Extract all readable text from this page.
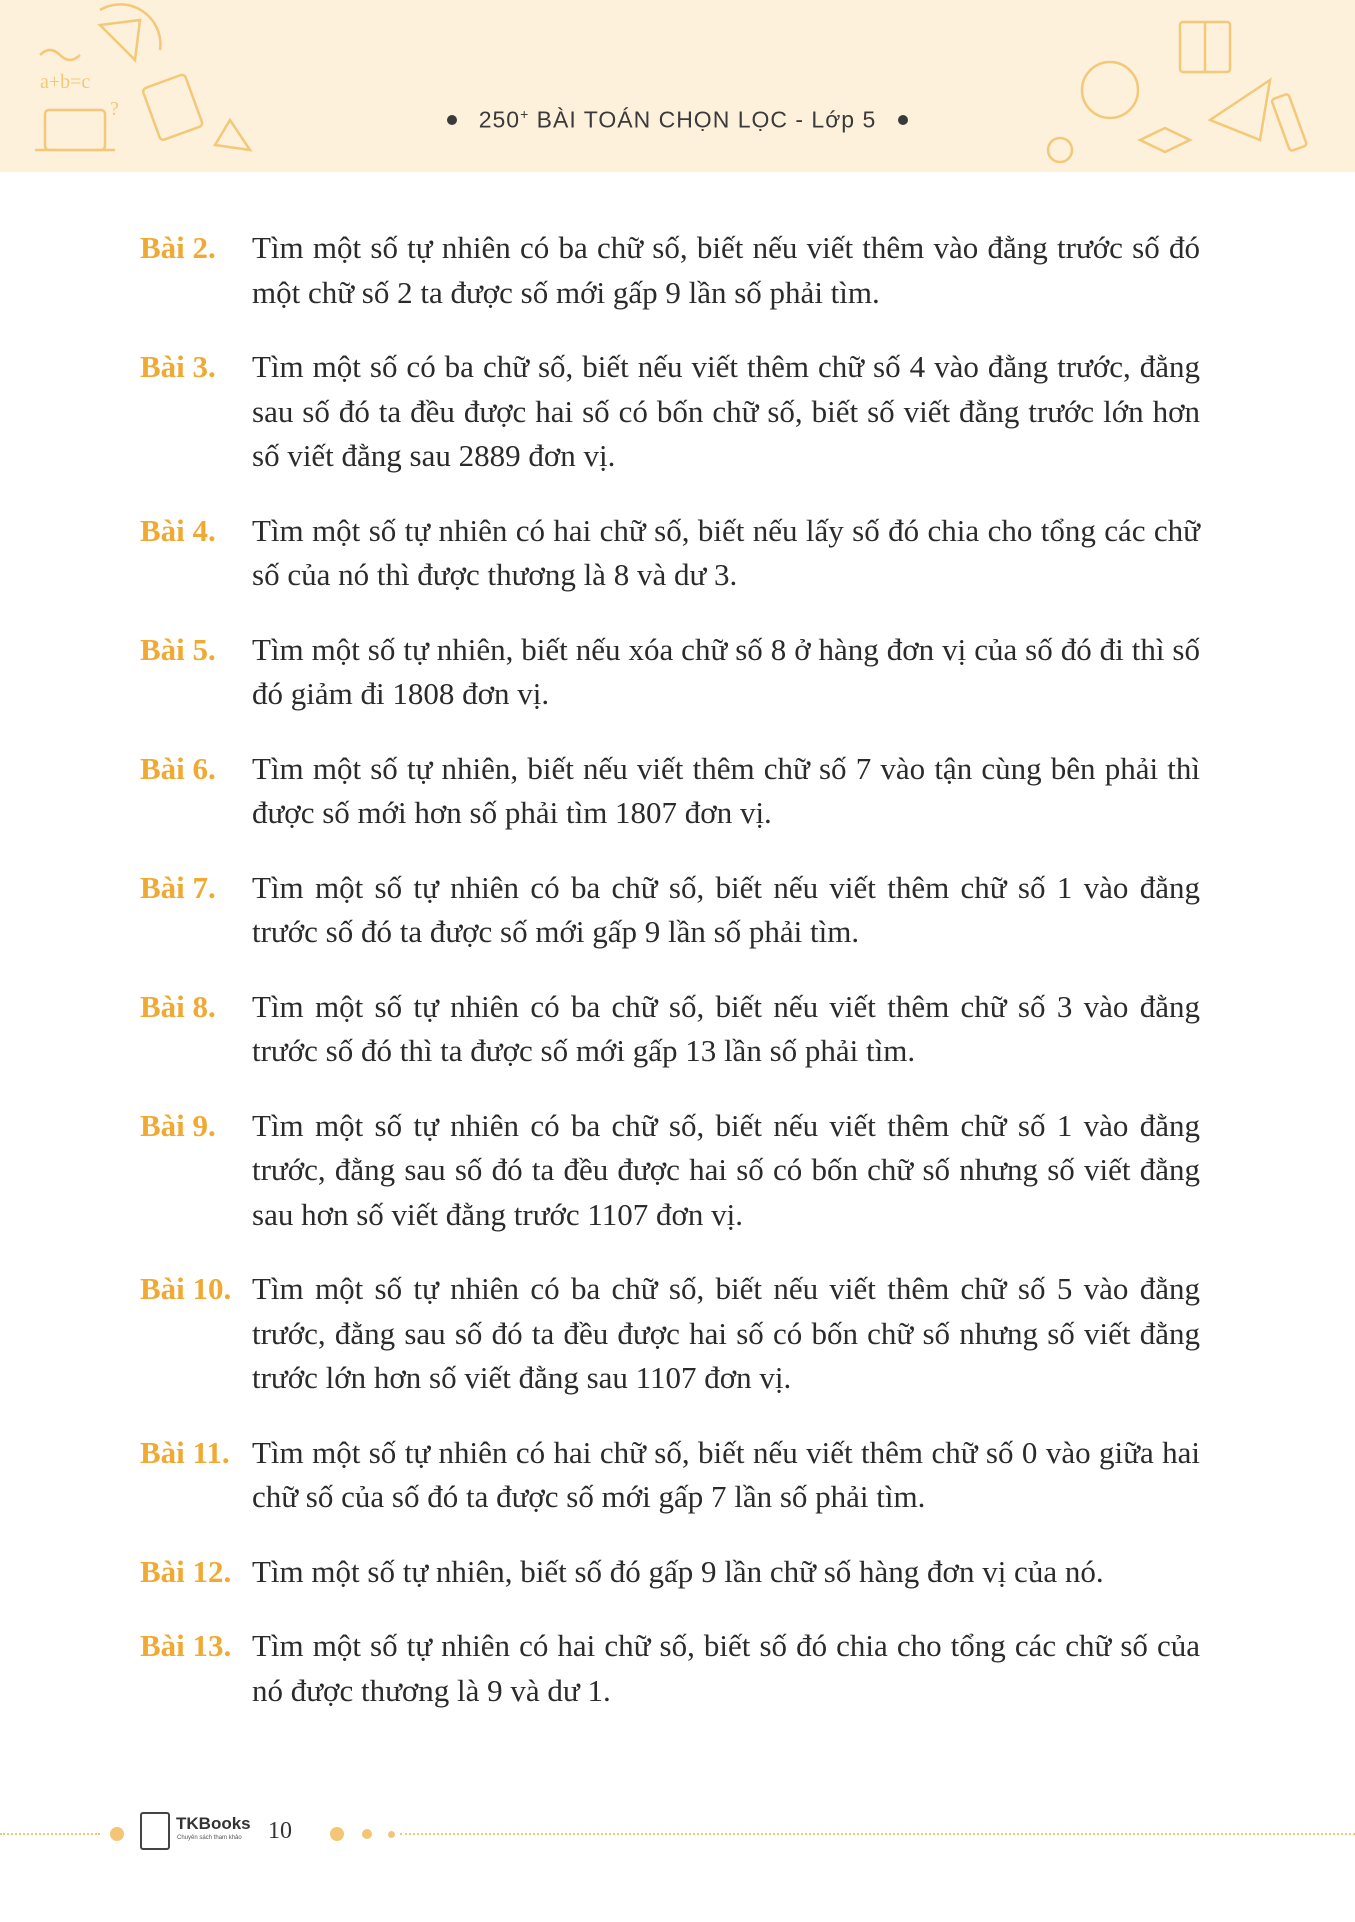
a+b=c
?	250+ BÀI TOÁN CHỌN LỌC - Lớp 5
Bài 2.	Tìm một số tự nhiên có ba chữ số, biết nếu viết thêm vào đằng trước số đó một chữ số 2 ta được số mới gấp 9 lần số phải tìm.
Bài 3.	Tìm một số có ba chữ số, biết nếu viết thêm chữ số 4 vào đằng trước, đằng sau số đó ta đều được hai số có bốn chữ số, biết số viết đằng trước lớn hơn số viết đằng sau 2889 đơn vị.
Bài 4.	Tìm một số tự nhiên có hai chữ số, biết nếu lấy số đó chia cho tổng các chữ số của nó thì được thương là 8 và dư 3.
Bài 5.	Tìm một số tự nhiên, biết nếu xóa chữ số 8 ở hàng đơn vị của số đó đi thì số đó giảm đi 1808 đơn vị.
Bài 6.	Tìm một số tự nhiên, biết nếu viết thêm chữ số 7 vào tận cùng bên phải thì được số mới hơn số phải tìm 1807 đơn vị.
Bài 7.	Tìm một số tự nhiên có ba chữ số, biết nếu viết thêm chữ số 1 vào đằng trước số đó ta được số mới gấp 9 lần số phải tìm.
Bài 8.	Tìm một số tự nhiên có ba chữ số, biết nếu viết thêm chữ số 3 vào đằng trước số đó thì ta được số mới gấp 13 lần số phải tìm.
Bài 9.	Tìm một số tự nhiên có ba chữ số, biết nếu viết thêm chữ số 1 vào đằng trước, đằng sau số đó ta đều được hai số có bốn chữ số nhưng số viết đằng sau hơn số viết đằng trước 1107 đơn vị.
Bài 10. Tìm một số tự nhiên có ba chữ số, biết nếu viết thêm chữ số 5 vào đằng trước, đằng sau số đó ta đều được hai số có bốn chữ số nhưng số viết đằng trước lớn hơn số viết đằng sau 1107 đơn vị.
Bài 11. Tìm một số tự nhiên có hai chữ số, biết nếu viết thêm chữ số 0 vào giữa hai chữ số của số đó ta được số mới gấp 7 lần số phải tìm.
Bài 12. Tìm một số tự nhiên, biết số đó gấp 9 lần chữ số hàng đơn vị của nó.
Bài 13. Tìm một số tự nhiên có hai chữ số, biết số đó chia cho tổng các chữ số của nó được thương là 9 và dư 1.
TKBooks
Chuyên sách tham khảo 10
